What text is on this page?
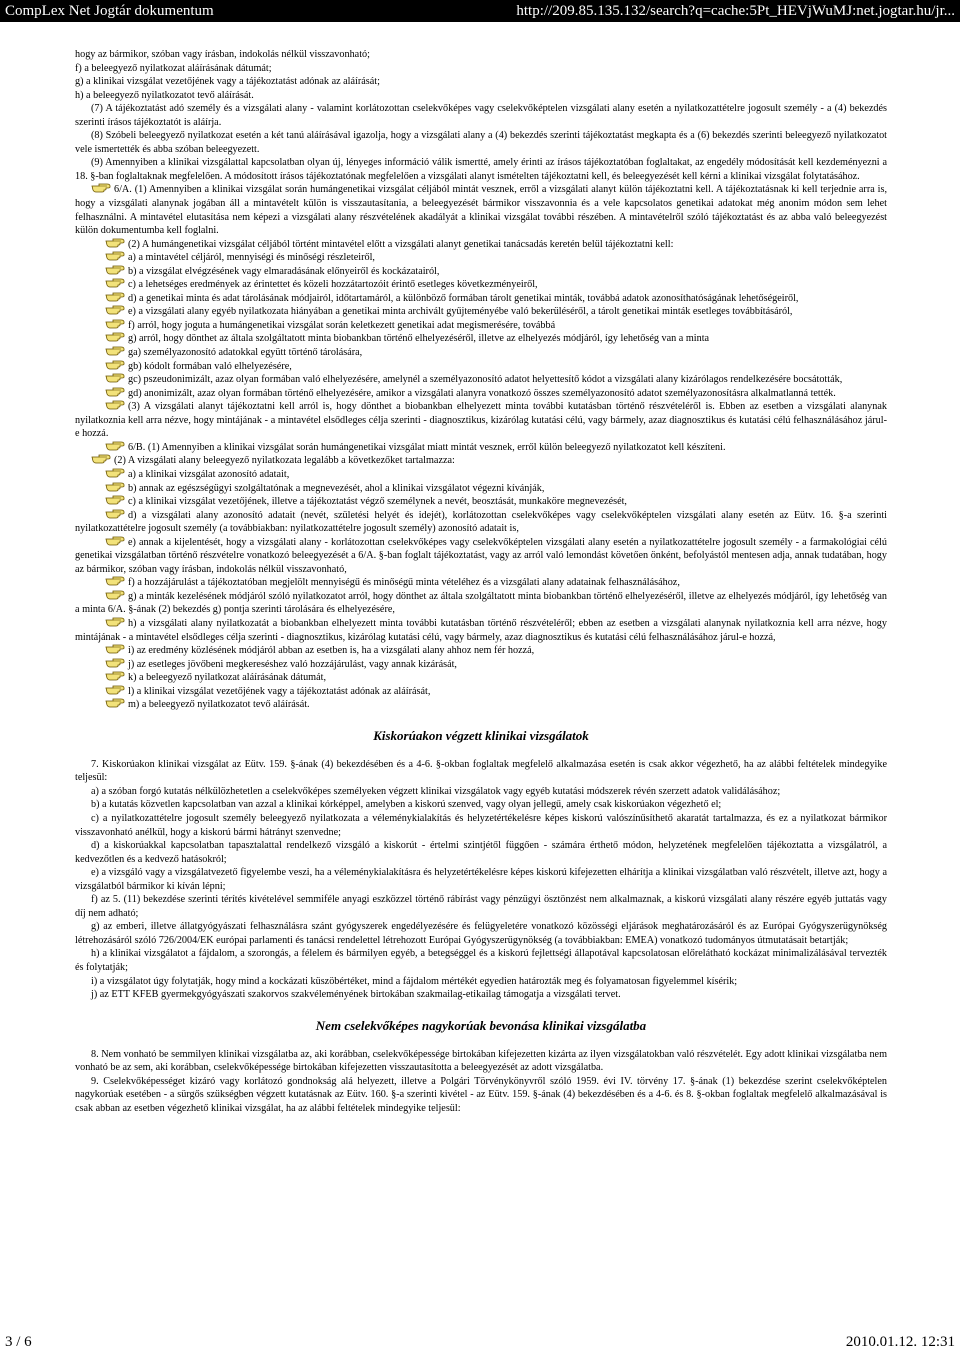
CompLex Net Jogtár dokumentum	http://209.85.135.132/search?q=cache:5Pt_HEVjWuMJ:net.jogtar.hu/jr...

hogy az bármikor, szóban vagy írásban, indokolás nélkül visszavonható;

f) a beleegyező nyilatkozat aláírásának dátumát;

g) a klinikai vizsgálat vezetőjének vagy a tájékoztatást adónak az aláírását;

h) a beleegyező nyilatkozatot tevő aláírását.

(7) A tájékoztatást adó személy és a vizsgálati alany - valamint korlátozottan cselekvőképes vagy cselekvőképtelen vizsgálati alany esetén a nyilatkozattételre jogosult személy - a (4) bekezdés szerinti írásos tájékoztatót is aláírja.

(8) Szóbeli beleegyező nyilatkozat esetén a két tanú aláírásával igazolja, hogy a vizsgálati alany a (4) bekezdés szerinti tájékoztatást megkapta és a (6) bekezdés szerinti beleegyező nyilatkozatot vele ismertették és abba szóban beleegyezett.

(9) Amennyiben a klinikai vizsgálattal kapcsolatban olyan új, lényeges információ válik ismertté, amely érinti az írásos tájékoztatóban foglaltakat, az engedély módosítását kell kezdeményezni a 18. §-ban foglaltaknak megfelelően. A módosított írásos tájékoztatónak megfelelően a vizsgálati alanyt ismételten tájékoztatni kell, és beleegyezését kell kérni a klinikai vizsgálat folytatásához.

6/A. (1) Amennyiben a klinikai vizsgálat során humángenetikai vizsgálat céljából mintát vesznek, erről a vizsgálati alanyt külön tájékoztatni kell. A tájékoztatásnak ki kell terjednie arra is, hogy a vizsgálati alanynak jogában áll a mintavételt külön is visszautasítania, a beleegyezését bármikor visszavonnia és a vele kapcsolatos genetikai adatokat még anonim módon sem lehet felhasználni. A mintavétel elutasítása nem képezi a vizsgálati alany részvételének akadályát a klinikai vizsgálat további részében. A mintavételről szóló tájékoztatást és az abba való beleegyezést külön dokumentumba kell foglalni.

(2) A humángenetikai vizsgálat céljából történt mintavétel előtt a vizsgálati alanyt genetikai tanácsadás keretén belül tájékoztatni kell:

a) a mintavétel céljáról, mennyiségi és minőségi részleteiről,

b) a vizsgálat elvégzésének vagy elmaradásának előnyeiről és kockázatairól,

c) a lehetséges eredmények az érintettet és közeli hozzátartozóit érintő esetleges következményeiről,

d) a genetikai minta és adat tárolásának módjairól, időtartamáról, a különböző formában tárolt genetikai minták, továbbá adatok azonosíthatóságának lehetőségeiről,

e) a vizsgálati alany egyéb nyilatkozata hiányában a genetikai minta archivált gyűjteményébe való bekerüléséről, a tárolt genetikai minták esetleges továbbításáról,

f) arról, hogy joguta a humángenetikai vizsgálat során keletkezett genetikai adat megismerésére, továbbá

g) arról, hogy dönthet az általa szolgáltatott minta biobankban történő elhelyezéséről, illetve az elhelyezés módjáról, így lehetőség van a minta

ga) személyazonosító adatokkal együtt történő tárolására,

gb) kódolt formában való elhelyezésére,

gc) pszeudonimizált, azaz olyan formában való elhelyezésére, amelynél a személyazonosító adatot helyettesítő kódot a vizsgálati alany kizárólagos rendelkezésére bocsátották,

gd) anonimizált, azaz olyan formában történő elhelyezésére, amikor a vizsgálati alanyra vonatkozó összes személyazonosító adatot személyazonosításra alkalmatlanná tették.

(3) A vizsgálati alanyt tájékoztatni kell arról is, hogy dönthet a biobankban elhelyezett minta további kutatásban történő részvételéről is. Ebben az esetben a vizsgálati alanynak nyilatkoznia kell arra nézve, hogy mintájának - a mintavétel elsődleges célja szerinti - diagnosztikus, kizárólag kutatási célú, vagy bármely, azaz diagnosztikus és kutatási célú felhasználásához járul-e hozzá.

6/B. (1) Amennyiben a klinikai vizsgálat során humángenetikai vizsgálat miatt mintát vesznek, erről külön beleegyező nyilatkozatot kell készíteni.

(2) A vizsgálati alany beleegyező nyilatkozata legalább a következőket tartalmazza:

a) a klinikai vizsgálat azonosító adatait,

b) annak az egészségügyi szolgáltatónak a megnevezését, ahol a klinikai vizsgálatot végezni kívánják,

c) a klinikai vizsgálat vezetőjének, illetve a tájékoztatást végző személynek a nevét, beosztását, munkaköre megnevezését,

d) a vizsgálati alany azonosító adatait (nevét, születési helyét és idejét), korlátozottan cselekvőképes vagy cselekvőképtelen vizsgálati alany esetén az Eütv. 16. §-a szerinti nyilatkozattételre jogosult személy (a továbbiakban: nyilatkozattételre jogosult személy) azonosító adatait is,

e) annak a kijelentését, hogy a vizsgálati alany - korlátozottan cselekvőképes vagy cselekvőképtelen vizsgálati alany esetén a nyilatkozattételre jogosult személy - a farmakológiai célú genetikai vizsgálatban történő részvételre vonatkozó beleegyezését a 6/A. §-ban foglalt tájékoztatást, vagy az arról való lemondást követően önként, befolyástól mentesen adja, annak tudatában, hogy az bármikor, szóban vagy írásban, indokolás nélkül visszavonható,

f) a hozzájárulást a tájékoztatóban megjelölt mennyiségű és minőségű minta vételéhez és a vizsgálati alany adatainak felhasználásához,

g) a minták kezelésének módjáról szóló nyilatkozatot arról, hogy dönthet az általa szolgáltatott minta biobankban történő elhelyezéséről, illetve az elhelyezés módjáról, így lehetőség van a minta 6/A. §-ának (2) bekezdés g) pontja szerinti tárolására és elhelyezésére,

h) a vizsgálati alany nyilatkozatát a biobankban elhelyezett minta további kutatásban történő részvételéről; ebben az esetben a vizsgálati alanynak nyilatkoznia kell arra nézve, hogy mintájának - a mintavétel elsődleges célja szerinti - diagnosztikus, kizárólag kutatási célú, vagy bármely, azaz diagnosztikus és kutatási célú felhasználásához járul-e hozzá,

i) az eredmény közlésének módjáról abban az esetben is, ha a vizsgálati alany ahhoz nem fér hozzá,

j) az esetleges jövőbeni megkereséshez való hozzájárulást, vagy annak kizárását,

k) a beleegyező nyilatkozat aláírásának dátumát,

l) a klinikai vizsgálat vezetőjének vagy a tájékoztatást adónak az aláírását,

m) a beleegyező nyilatkozatot tevő aláírását.

Kiskorúakon végzett klinikai vizsgálatok

7. Kiskorúakon klinikai vizsgálat az Eütv. 159. §-ának (4) bekezdésében és a 4-6. §-okban foglaltak megfelelő alkalmazása esetén is csak akkor végezhető, ha az alábbi feltételek mindegyike teljesül:

a) a szóban forgó kutatás nélkülözhetetlen a cselekvőképes személyeken végzett klinikai vizsgálatok vagy egyéb kutatási módszerek révén szerzett adatok validálásához;

b) a kutatás közvetlen kapcsolatban van azzal a klinikai kórképpel, amelyben a kiskorú szenved, vagy olyan jellegű, amely csak kiskorúakon végezhető el;

c) a nyilatkozattételre jogosult személy beleegyező nyilatkozata a véleménykialakítás és helyzetértékelésre képes kiskorú valószínűsíthető akaratát tartalmazza, és ez a nyilatkozat bármikor visszavonható anélkül, hogy a kiskorú bármi hátrányt szenvedne;

d) a kiskorúakkal kapcsolatban tapasztalattal rendelkező vizsgáló a kiskorút - értelmi szintjétől függően - számára érthető módon, helyzetének megfelelően tájékoztatta a vizsgálatról, a kedvezőtlen és a kedvező hatásokról;

e) a vizsgáló vagy a vizsgálatvezető figyelembe veszi, ha a véleménykialakításra és helyzetértékelésre képes kiskorú kifejezetten elhárítja a klinikai vizsgálatban való részvételt, illetve azt, hogy a vizsgálatból bármikor ki kíván lépni;

f) az 5. (11) bekezdése szerinti térítés kivételével semmiféle anyagi eszközzel történő rábírást vagy pénzügyi ösztönzést nem alkalmaznak, a kiskorú vizsgálati alany részére egyéb juttatás vagy díj nem adható;

g) az emberi, illetve állatgyógyászati felhasználásra szánt gyógyszerek engedélyezésére és felügyeletére vonatkozó közösségi eljárások meghatározásáról és az Európai Gyógyszerügynökség létrehozásáról szóló 726/2004/EK európai parlamenti és tanácsi rendelettel létrehozott Európai Gyógyszerügynökség (a továbbiakban: EMEA) vonatkozó tudományos útmutatásait betartják;

h) a klinikai vizsgálatot a fájdalom, a szorongás, a félelem és bármilyen egyéb, a betegséggel és a kiskorú fejlettségi állapotával kapcsolatosan előrelátható kockázat minimalizálásával tervezték és folytatják;

i) a vizsgálatot úgy folytatják, hogy mind a kockázati küszöbértéket, mind a fájdalom mértékét egyedien határozták meg és folyamatosan figyelemmel kísérik;

j) az ETT KFEB gyermekgyógyászati szakorvos szakvéleményének birtokában szakmailag-etikailag támogatja a vizsgálati tervet.

Nem cselekvőképes nagykorúak bevonása klinikai vizsgálatba

8. Nem vonható be semmilyen klinikai vizsgálatba az, aki korábban, cselekvőképessége birtokában kifejezetten kizárta az ilyen vizsgálatokban való részvételét. Egy adott klinikai vizsgálatba nem vonható be az sem, aki korábban, cselekvőképessége birtokában kifejezetten visszautasította a beleegyezését az adott vizsgálatba.

9. Cselekvőképességet kizáró vagy korlátozó gondnokság alá helyezett, illetve a Polgári Törvénykönyvről szóló 1959. évi IV. törvény 17. §-ának (1) bekezdése szerint cselekvőképtelen nagykorúak esetében - a sürgős szükségben végzett kutatásnak az Eütv. 160. §-a szerinti kivétel - az Eütv. 159. §-ának (4) bekezdésében és a 4-6. és 8. §-okban foglaltak megfelelő alkalmazásával is csak abban az esetben végezhető klinikai vizsgálat, ha az alábbi feltételek mindegyike teljesül:

3 / 6	2010.01.12. 12:31
